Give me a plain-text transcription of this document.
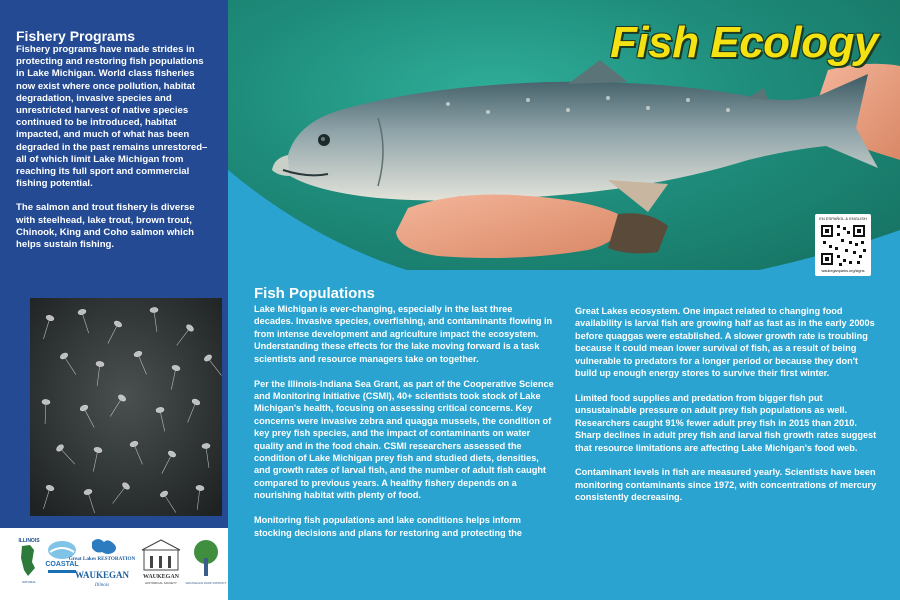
Fishery Programs

Fishery programs have made strides in protecting and restoring fish populations in Lake Michigan. World class fisheries now exist where once pollution, habitat degradation, invasive species and unrestricted harvest of native species continued to be introduced, habitat impacted, and much of what has been degraded in the past remains unrestored–all of which limit Lake Michigan from reaching its full sport and commercial fishing potential.

The salmon and trout fishery is diverse with steelhead, lake trout, brown trout, Chinook, King and Coho salmon which helps sustain fishing.

ILLINOIS
NATURAL
COASTAL
Great Lakes RESTORATION
WAUKEGAN
Illinois
WAUKEGAN
HISTORICAL SOCIETY	WAUKEGAN PARK DISTRICT
Fish Ecology
EN ESPAÑOL & ENGLISH
waukeganparks.org/signs
Fish Populations

Lake Michigan is ever-changing, especially in the last three decades. Invasive species, overfishing, and contaminants flowing in from intense development and agriculture impact the ecosystem. Understanding these effects for the lake moving forward is a task scientists and resource managers take on together.

Per the Illinois-Indiana Sea Grant, as part of the Cooperative Science and Monitoring Initiative (CSMI), 40+ scientists took stock of Lake Michigan's health, focusing on assessing critical concerns. Key concerns were invasive zebra and quagga mussels, the condition of key prey fish species, and the impact of contaminants on water quality and in the food chain. CSMI researchers assessed the condition of Lake Michigan prey fish and studied diets, densities, and growth rates of larval fish, and the number of adult fish caught compared to previous years. A healthy fishery depends on a nourishing habitat with plenty of food.

Monitoring fish populations and lake conditions helps inform stocking decisions and plans for restoring and protecting the

Great Lakes ecosystem. One impact related to changing food availability is larval fish are growing half as fast as in the early 2000s before quaggas were established. A slower growth rate is troubling because it could mean lower survival of fish, as a result of being vulnerable to predators for a longer period or because they don't build up enough energy stores to survive their first winter.

Limited food supplies and predation from bigger fish put unsustainable pressure on adult prey fish populations as well. Researchers caught 91% fewer adult prey fish in 2015 than 2010. Sharp declines in adult prey fish and larval fish growth rates suggest that resource limitations are affecting Lake Michigan's food web.

Contaminant levels in fish are measured yearly. Scientists have been monitoring contaminants since 1972, with concentrations of mercury consistently decreasing.
